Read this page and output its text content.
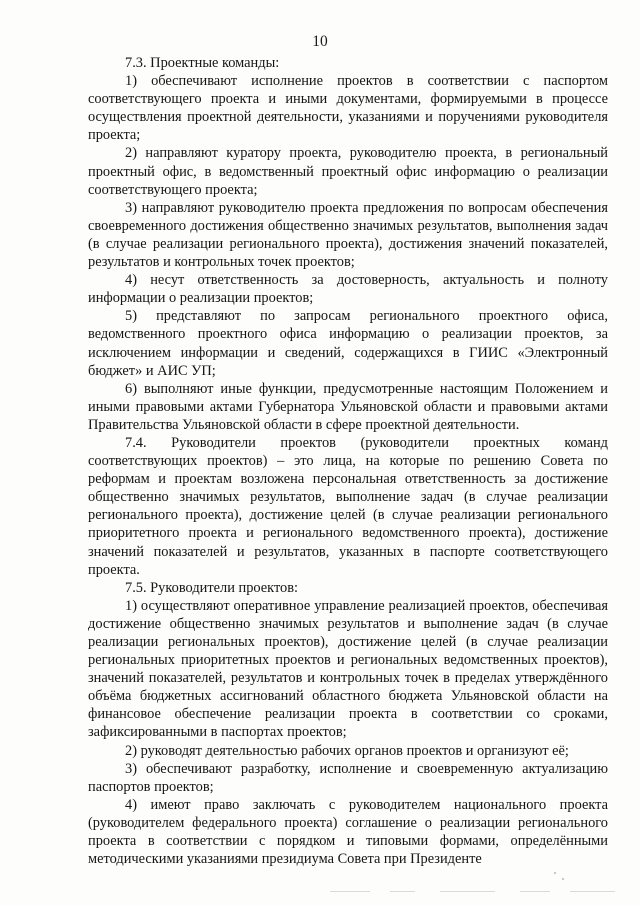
10

7.3. Проектные команды:

1) обеспечивают исполнение проектов в соответствии с паспортом соответствующего проекта и иными документами, формируемыми в процессе осуществления проектной деятельности, указаниями и поручениями руководителя проекта;

2) направляют куратору проекта, руководителю проекта, в региональный проектный офис, в ведомственный проектный офис информацию о реализации соответствующего проекта;

3) направляют руководителю проекта предложения по вопросам обеспечения своевременного достижения общественно значимых результатов, выполнения задач (в случае реализации регионального проекта), достижения значений показателей, результатов и контрольных точек проектов;

4) несут ответственность за достоверность, актуальность и полноту информации о реализации проектов;

5) представляют по запросам регионального проектного офиса, ведомственного проектного офиса информацию о реализации проектов, за исключением информации и сведений, содержащихся в ГИИС «Электронный бюджет» и АИС УП;

6) выполняют иные функции, предусмотренные настоящим Положением и иными правовыми актами Губернатора Ульяновской области и правовыми актами Правительства Ульяновской области в сфере проектной деятельности.

7.4. Руководители проектов (руководители проектных команд соответствующих проектов) – это лица, на которые по решению Совета по реформам и проектам возложена персональная ответственность за достижение общественно значимых результатов, выполнение задач (в случае реализации регионального проекта), достижение целей (в случае реализации регионального приоритетного проекта и регионального ведомственного проекта), достижение значений показателей и результатов, указанных в паспорте соответствующего проекта.

7.5. Руководители проектов:

1) осуществляют оперативное управление реализацией проектов, обеспечивая достижение общественно значимых результатов и выполнение задач (в случае реализации региональных проектов), достижение целей (в случае реализации региональных приоритетных проектов и региональных ведомственных проектов), значений показателей, результатов и контрольных точек в пределах утверждённого объёма бюджетных ассигнований областного бюджета Ульяновской области на финансовое обеспечение реализации проекта в соответствии со сроками, зафиксированными в паспортах проектов;

2) руководят деятельностью рабочих органов проектов и организуют её;

3) обеспечивают разработку, исполнение и своевременную актуализацию паспортов проектов;

4) имеют право заключать с руководителем национального проекта (руководителем федерального проекта) соглашение о реализации регионального проекта в соответствии с порядком и типовыми формами, определёнными методическими указаниями президиума Совета при Президенте
